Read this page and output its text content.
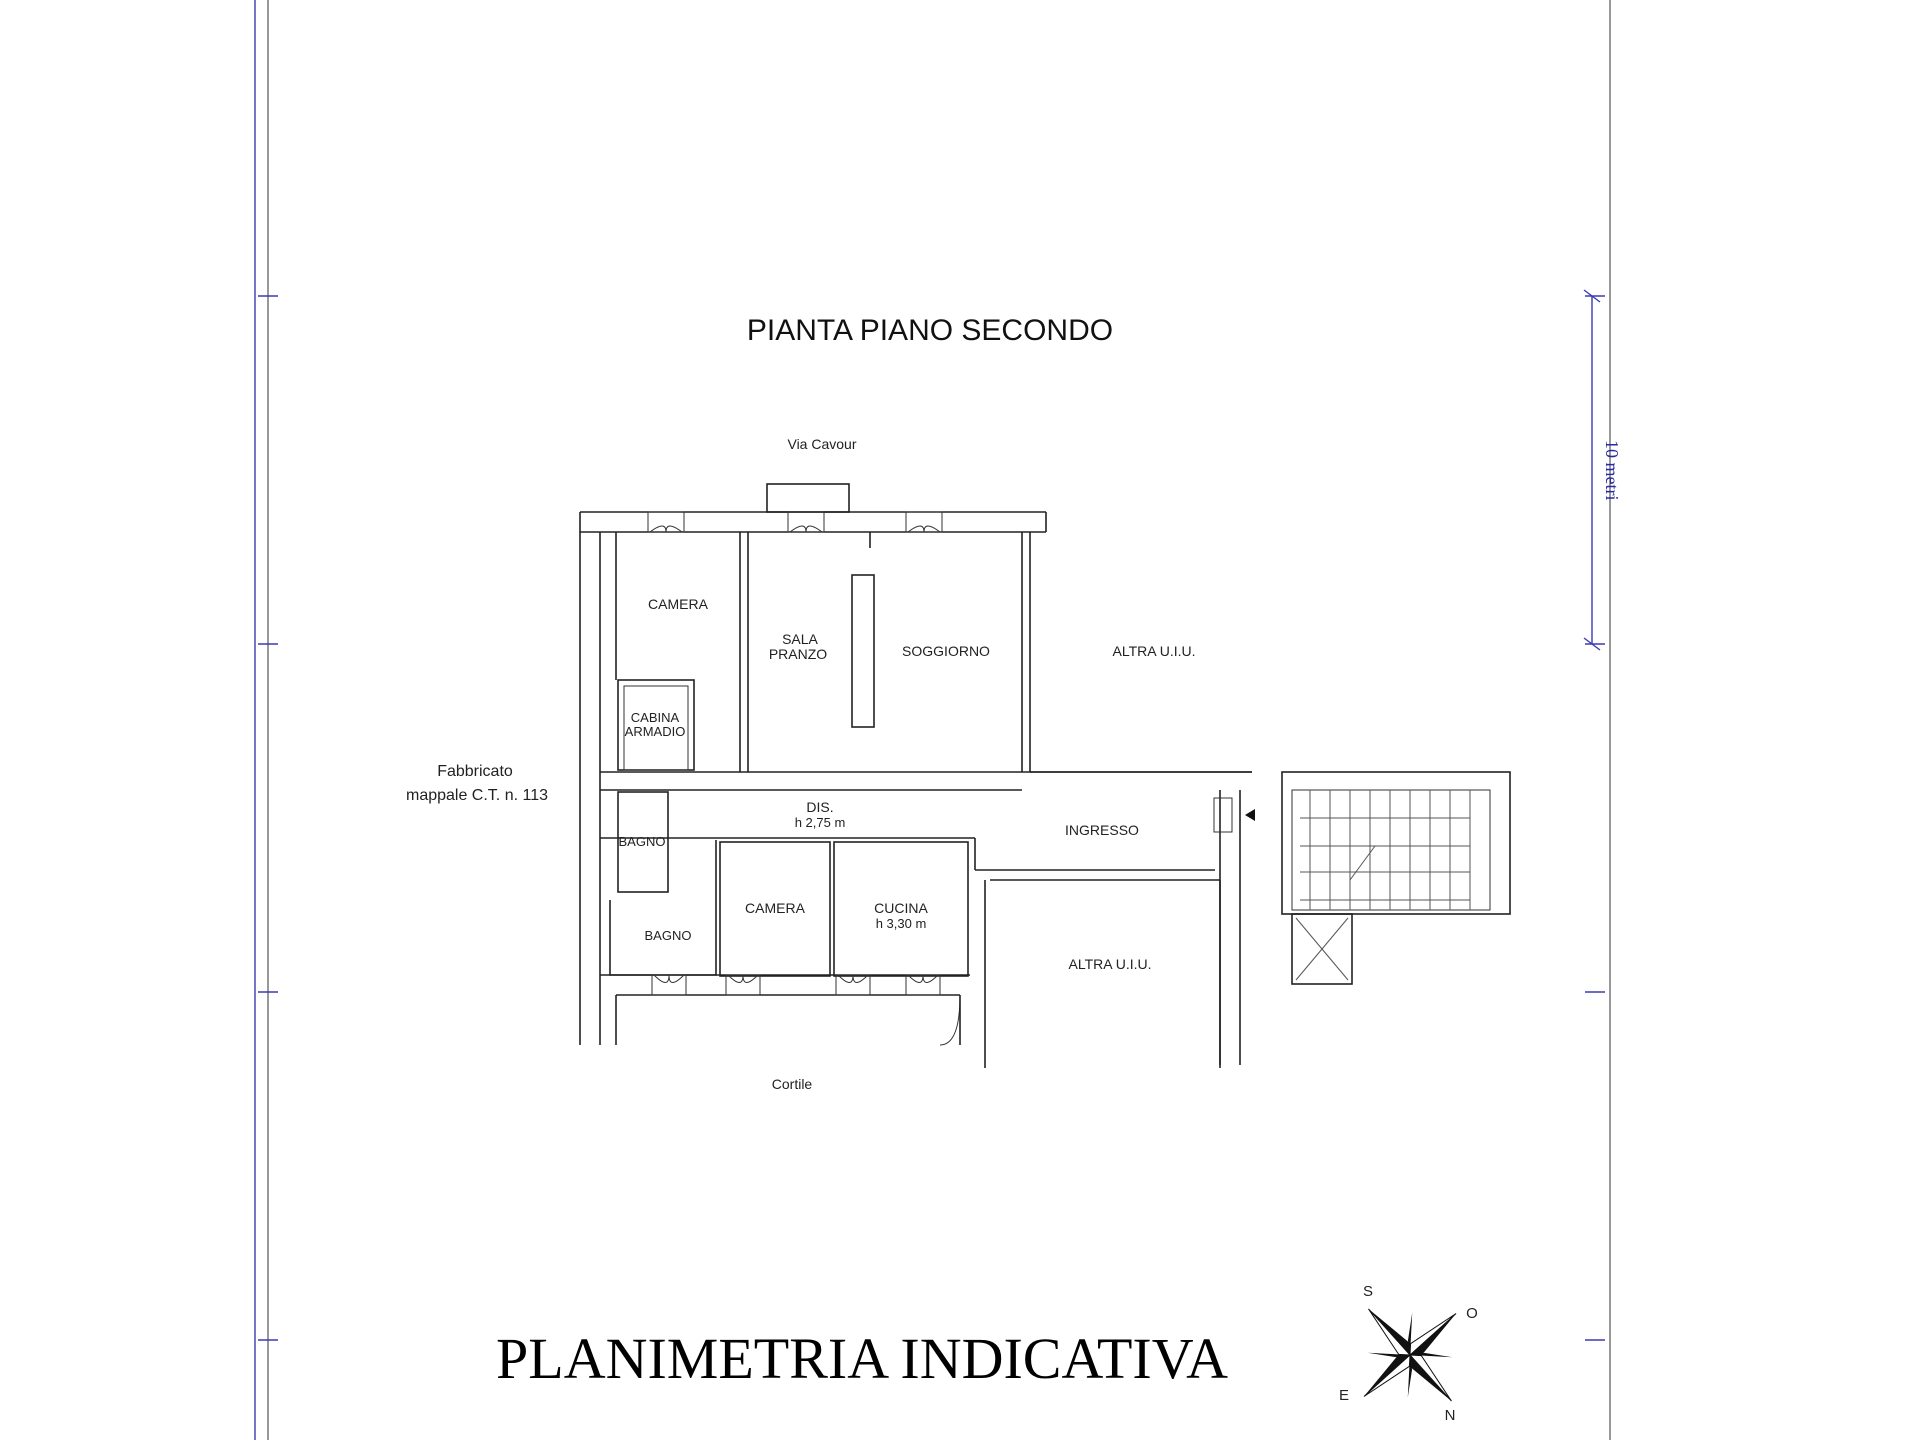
10 metri
PIANTA PIANO SECONDO
Via Cavour
CAMERA
SALA
PRANZO	SOGGIORNO	ALTRA U.I.U.
CABINA
ARMADIO
DIS.
h 2,75 m	INGRESSO
BAGNO
BAGNO
CAMERA	CUCINA
h 3,30 m
ALTRA U.I.U.
Fabbricato
mappale C.T. n. 113
Cortile
PLANIMETRIA INDICATIVA
S
O
E
N
